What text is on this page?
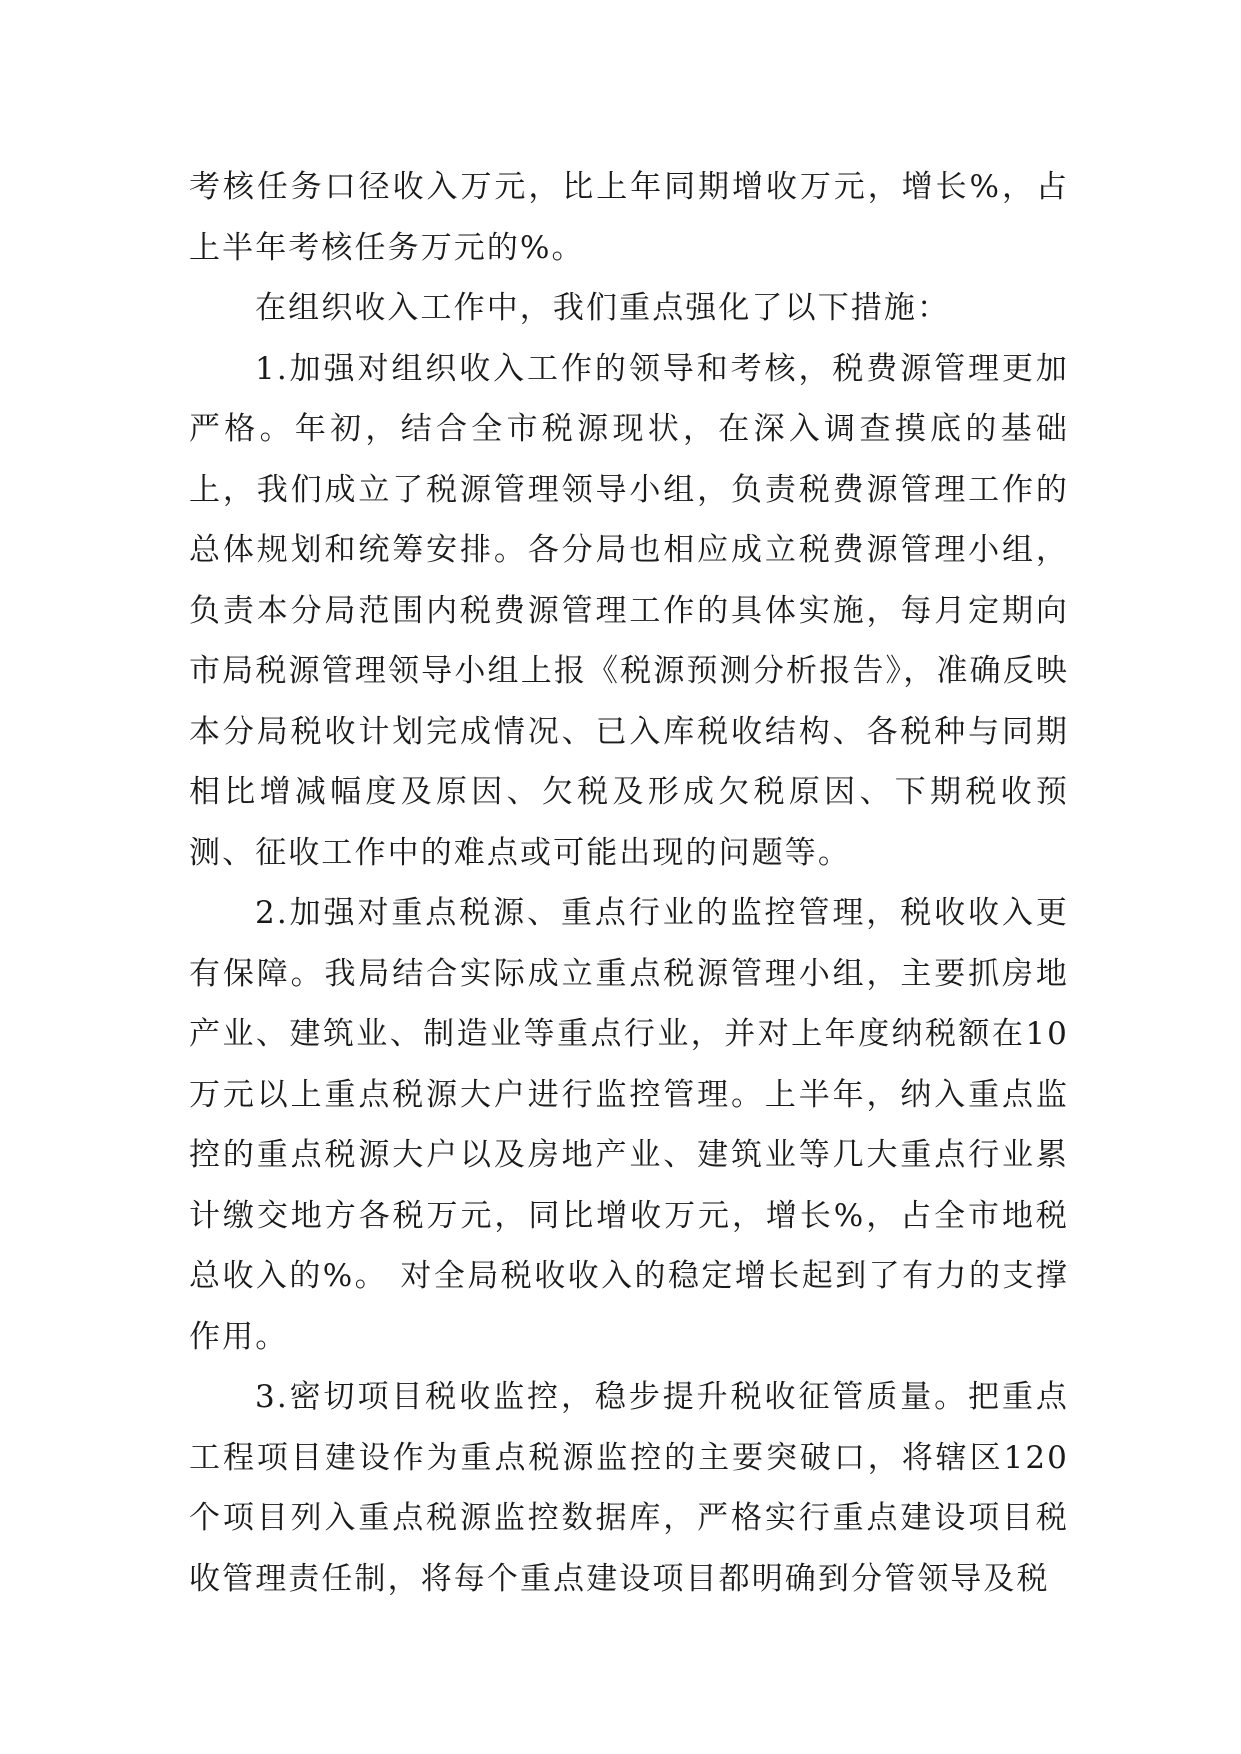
考核任务口径收入万元，比上年同期增收万元，增长%，占上半年考核任务万元的%。

在组织收入工作中，我们重点强化了以下措施：

1.加强对组织收入工作的领导和考核，税费源管理更加严格。年初，结合全市税源现状，在深入调查摸底的基础上，我们成立了税源管理领导小组，负责税费源管理工作的总体规划和统筹安排。各分局也相应成立税费源管理小组，负责本分局范围内税费源管理工作的具体实施，每月定期向市局税源管理领导小组上报《税源预测分析报告》，准确反映本分局税收计划完成情况、已入库税收结构、各税种与同期相比增减幅度及原因、欠税及形成欠税原因、下期税收预测、征收工作中的难点或可能出现的问题等。

2.加强对重点税源、重点行业的监控管理，税收收入更有保障。我局结合实际成立重点税源管理小组，主要抓房地产业、建筑业、制造业等重点行业，并对上年度纳税额在10万元以上重点税源大户进行监控管理。上半年，纳入重点监控的重点税源大户以及房地产业、建筑业等几大重点行业累计缴交地方各税万元，同比增收万元，增长%，占全市地税总收入的%。 对全局税收收入的稳定增长起到了有力的支撑作用。

3.密切项目税收监控，稳步提升税收征管质量。把重点工程项目建设作为重点税源监控的主要突破口，将辖区120个项目列入重点税源监控数据库，严格实行重点建设项目税收管理责任制，将每个重点建设项目都明确到分管领导及税
